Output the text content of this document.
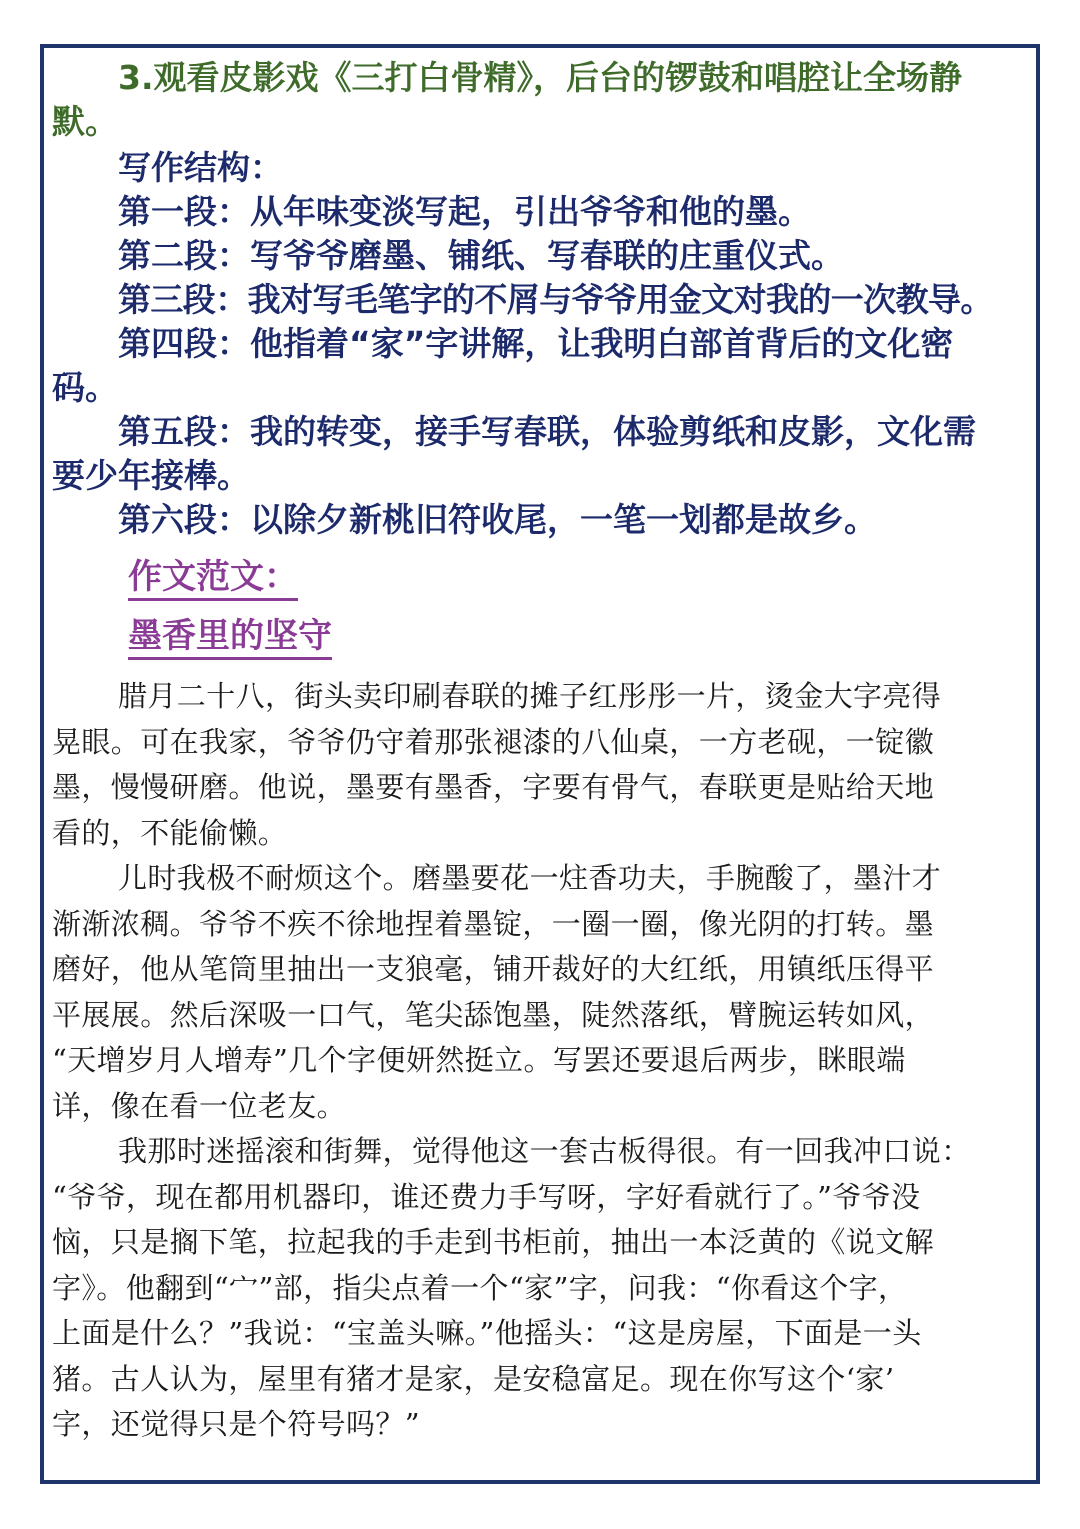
3.观看皮影戏《三打白骨精》，后台的锣鼓和唱腔让全场静

默。

写作结构：

第一段：从年味变淡写起，引出爷爷和他的墨。

第二段：写爷爷磨墨、铺纸、写春联的庄重仪式。

第三段：我对写毛笔字的不屑与爷爷用金文对我的一次教导。

第四段：他指着“家”字讲解，让我明白部首背后的文化密

码。

第五段：我的转变，接手写春联，体验剪纸和皮影，文化需

要少年接棒。

第六段：以除夕新桃旧符收尾，一笔一划都是故乡。

作文范文：
墨香里的坚守

腊月二十八，街头卖印刷春联的摊子红彤彤一片，烫金大字亮得

晃眼。可在我家，爷爷仍守着那张褪漆的八仙桌，一方老砚，一锭徽

墨，慢慢研磨。他说，墨要有墨香，字要有骨气，春联更是贴给天地

看的，不能偷懒。

儿时我极不耐烦这个。磨墨要花一炷香功夫，手腕酸了，墨汁才

渐渐浓稠。爷爷不疾不徐地捏着墨锭，一圈一圈，像光阴的打转。墨

磨好，他从笔筒里抽出一支狼毫，铺开裁好的大红纸，用镇纸压得平

平展展。然后深吸一口气，笔尖舔饱墨，陡然落纸，臂腕运转如风，

“天增岁月人增寿”几个字便妍然挺立。写罢还要退后两步，眯眼端

详，像在看一位老友。

我那时迷摇滚和街舞，觉得他这一套古板得很。有一回我冲口说：

“爷爷，现在都用机器印，谁还费力手写呀，字好看就行了。”爷爷没

恼，只是搁下笔，拉起我的手走到书柜前，抽出一本泛黄的《说文解

字》。他翻到“宀”部，指尖点着一个“家”字，问我：“你看这个字，

上面是什么？”我说：“宝盖头嘛。”他摇头：“这是房屋，下面是一头

猪。古人认为，屋里有猪才是家，是安稳富足。现在你写这个‘家’

字，还觉得只是个符号吗？”
